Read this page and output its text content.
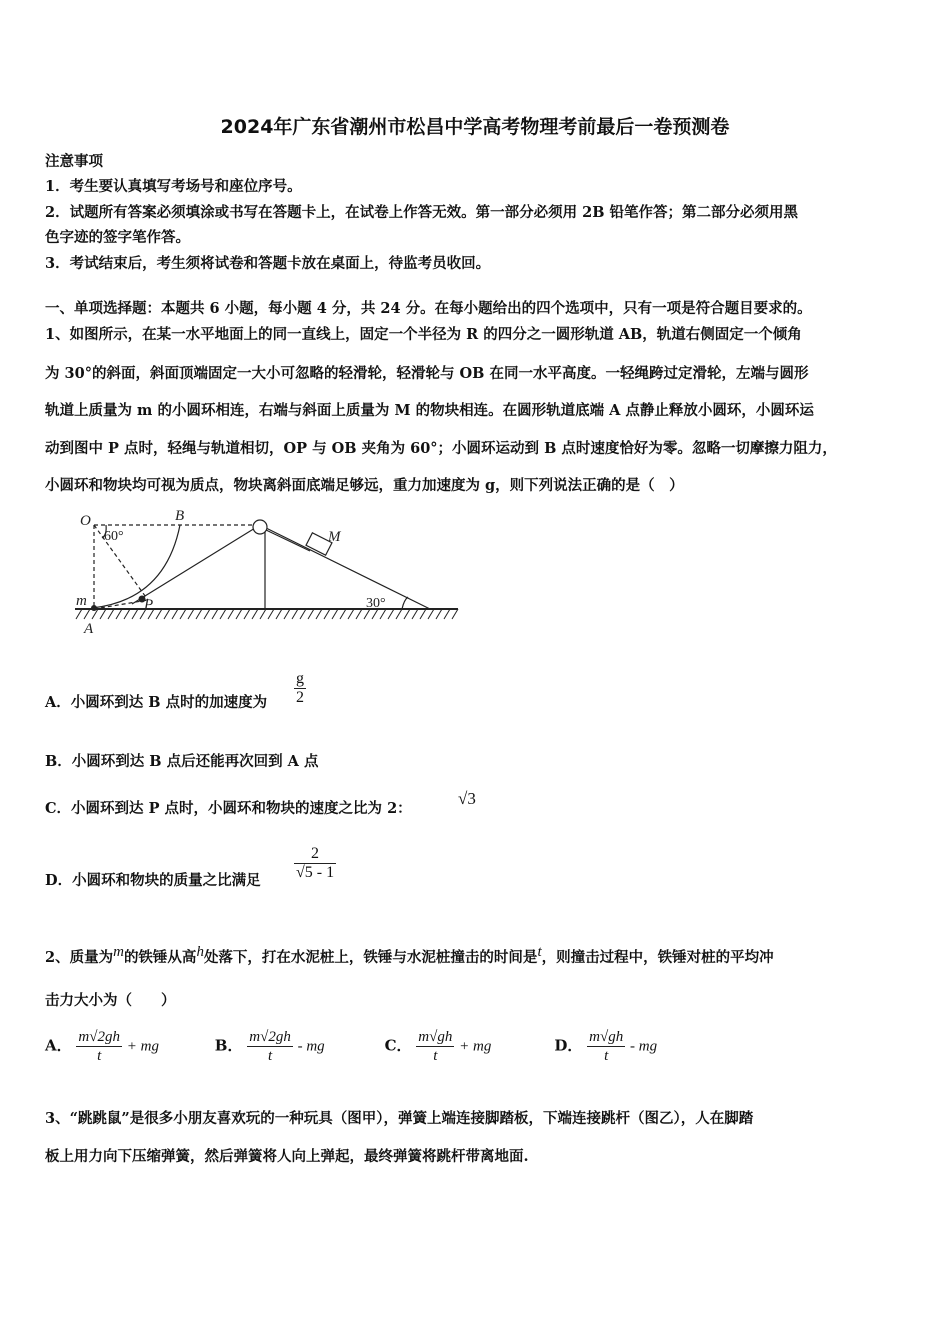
2024年广东省潮州市松昌中学高考物理考前最后一卷预测卷
注意事项
1．考生要认真填写考场号和座位序号。
2．试题所有答案必须填涂或书写在答题卡上，在试卷上作答无效。第一部分必须用 2B 铅笔作答；第二部分必须用黑
色字迹的签字笔作答。
3．考试结束后，考生须将试卷和答题卡放在桌面上，待监考员收回。
一、单项选择题：本题共 6 小题，每小题 4 分，共 24 分。在每小题给出的四个选项中，只有一项是符合题目要求的。
1、如图所示，在某一水平地面上的同一直线上，固定一个半径为 R 的四分之一圆形轨道 AB，轨道右侧固定一个倾角
为 30°的斜面，斜面顶端固定一大小可忽略的轻滑轮，轻滑轮与 OB 在同一水平高度。一轻绳跨过定滑轮，左端与圆形
轨道上质量为 m 的小圆环相连，右端与斜面上质量为 M 的物块相连。在圆形轨道底端 A 点静止释放小圆环，小圆环运
动到图中 P 点时，轻绳与轨道相切，OP 与 OB 夹角为 60°；小圆环运动到 B 点时速度恰好为零。忽略一切摩擦力阻力，
小圆环和物块均可视为质点，物块离斜面底端足够远，重力加速度为 g，则下列说法正确的是（　）
O	B
M
60°
30°
m	P
A
A．小圆环到达 B 点时的加速度为 $\frac{g}{2}$
B．小圆环到达 B 点后还能再次回到 A 点
C．小圆环到达 P 点时，小圆环和物块的速度之比为 2：
√3
D．小圆环和物块的质量之比满足 $\frac{2}{√5 - 1}$
2、质量为$^m$的铁锤从高$^h$处落下，打在水泥桩上，铁锤与水泥桩撞击的时间是$^t$，则撞击过程中，铁锤对桩的平均冲
击力大小为（　　）
A． $\frac{m√2gh}{t}$ + mg	B． $\frac{m√2gh}{t}$ - mg	C． $\frac{m√gh}{t}$ + mg	D． $\frac{m√gh}{t}$ - mg
3、“跳跳鼠”是很多小朋友喜欢玩的一种玩具（图甲），弹簧上端连接脚踏板，下端连接跳杆（图乙），人在脚踏
板上用力向下压缩弹簧，然后弹簧将人向上弹起，最终弹簧将跳杆带离地面.
